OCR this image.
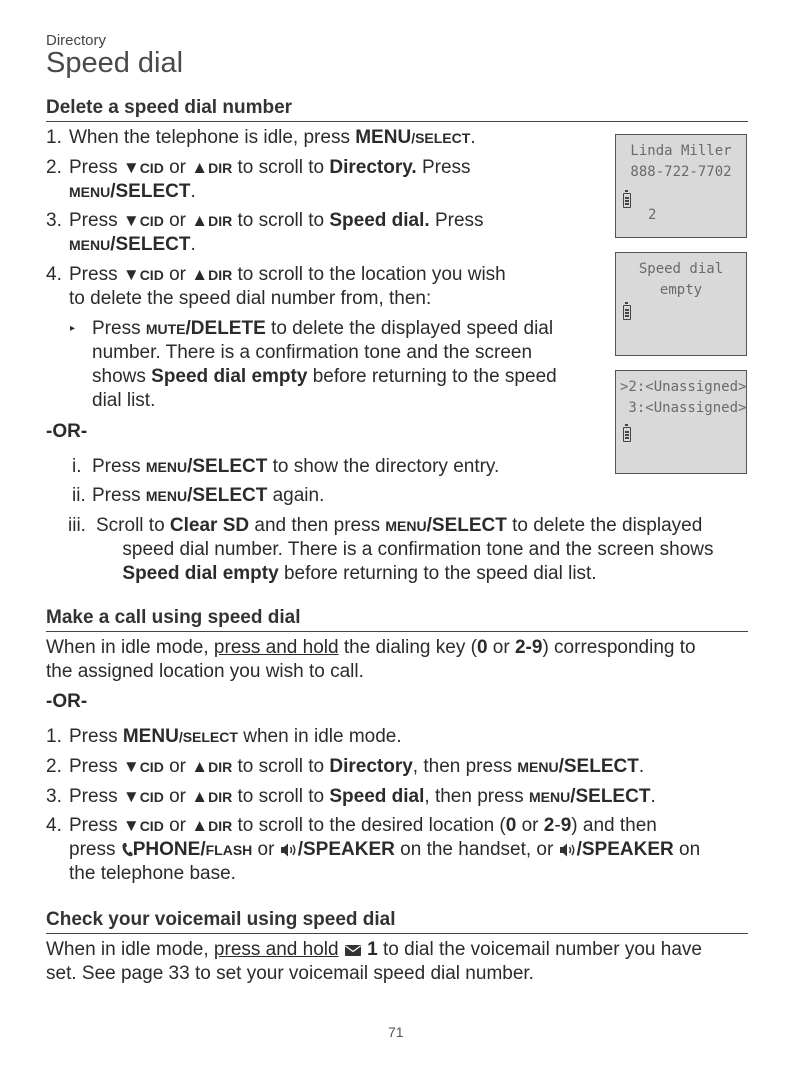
Directory
Speed dial
Delete a speed dial number
1. When the telephone is idle, press MENU/SELECT.
2. Press ▼CID or ▲DIR to scroll to Directory. Press
MENU/SELECT.
3. Press ▼CID or ▲DIR to scroll to Speed dial. Press
MENU/SELECT.
4. Press ▼CID or ▲DIR to scroll to the location you wish
to delete the speed dial number from, then:
▸ Press MUTE/DELETE to delete the displayed speed dial
number. There is a confirmation tone and the screen
shows Speed dial empty before returning to the speed
dial list.
-OR-
i. Press MENU/SELECT to show the directory entry.
ii. Press MENU/SELECT again.
iii. Scroll to Clear SD and then press MENU/SELECT to delete the displayed
speed dial number. There is a confirmation tone and the screen shows
Speed dial empty before returning to the speed dial list.
Linda Miller
888-722-7702
2
Speed dial
empty
>2:<Unassigned>
3:<Unassigned>
Make a call using speed dial
When in idle mode, press and hold the dialing key (0 or 2-9) corresponding to
the assigned location you wish to call.
-OR-
1. Press MENU/SELECT when in idle mode.
2. Press ▼CID or ▲DIR to scroll to Directory, then press MENU/SELECT.
3. Press ▼CID or ▲DIR to scroll to Speed dial, then press MENU/SELECT.
4. Press ▼CID or ▲DIR to scroll to the desired location (0 or 2-9) and then
press PHONE/FLASH or /SPEAKER on the handset, or /SPEAKER on
the telephone base.
Check your voicemail using speed dial
When in idle mode, press and hold 1 to dial the voicemail number you have
set. See page 33 to set your voicemail speed dial number.
71
